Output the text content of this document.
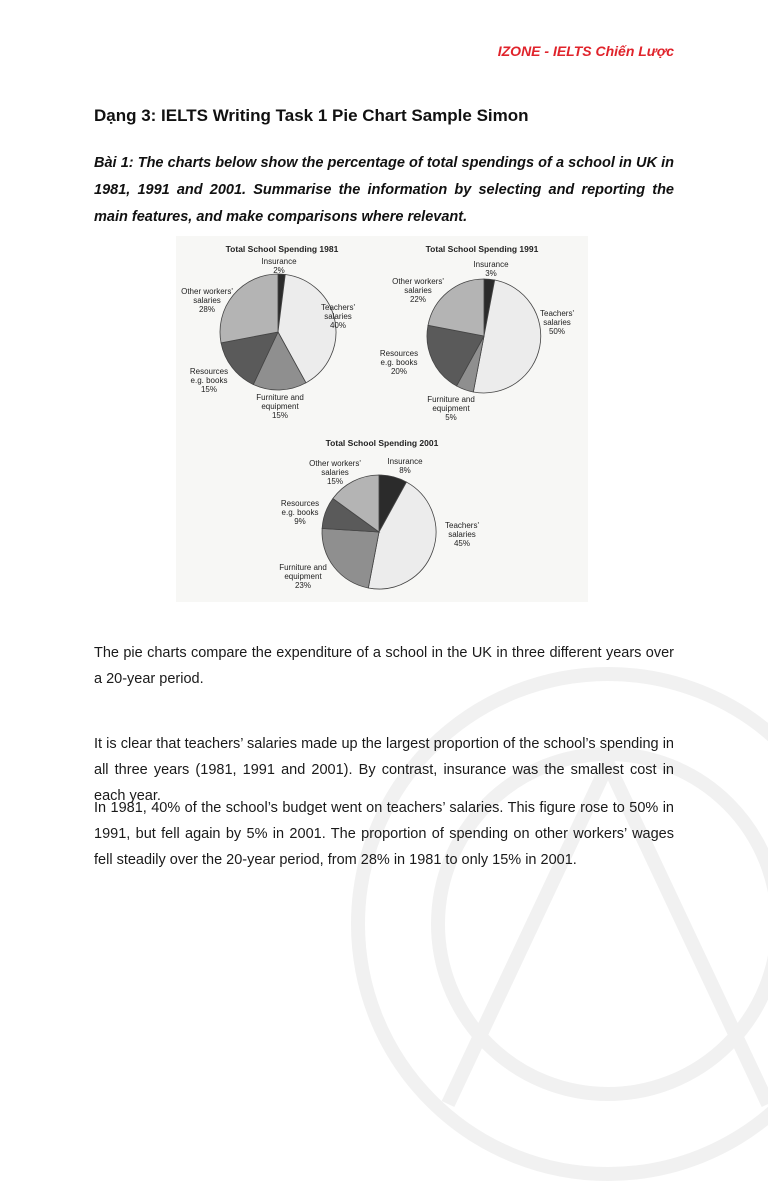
IZONE - IELTS Chiến Lược
Dạng 3: IELTS Writing Task 1 Pie Chart Sample Simon

Bài 1: The charts below show the percentage of total spendings of a school in UK in 1981, 1991 and 2001. Summarise the information by selecting and reporting the main features, and make comparisons where relevant.

Total School Spending 1981
Insurance 2%
Teachers' salaries 40%
Furniture and equipment 15%
Resources e.g. books 15%
Other workers' salaries 28%
Total School Spending 1991
Insurance 3%
Teachers' salaries 50%
Furniture and equipment 5%
Resources e.g. books 20%
Other workers' salaries 22%
Total School Spending 2001
Insurance 8%
Teachers' salaries 45%
Furniture and equipment 23%
Resources e.g. books 9%
Other workers' salaries 15%

The pie charts compare the expenditure of a school in the UK in three different years over a 20-year period.

It is clear that teachers’ salaries made up the largest proportion of the school’s spending in all three years (1981, 1991 and 2001). By contrast, insurance was the smallest cost in each year.

In 1981, 40% of the school’s budget went on teachers’ salaries. This figure rose to 50% in 1991, but fell again by 5% in 2001. The proportion of spending on other workers’ wages fell steadily over the 20-year period, from 28% in 1981 to only 15% in 2001.
